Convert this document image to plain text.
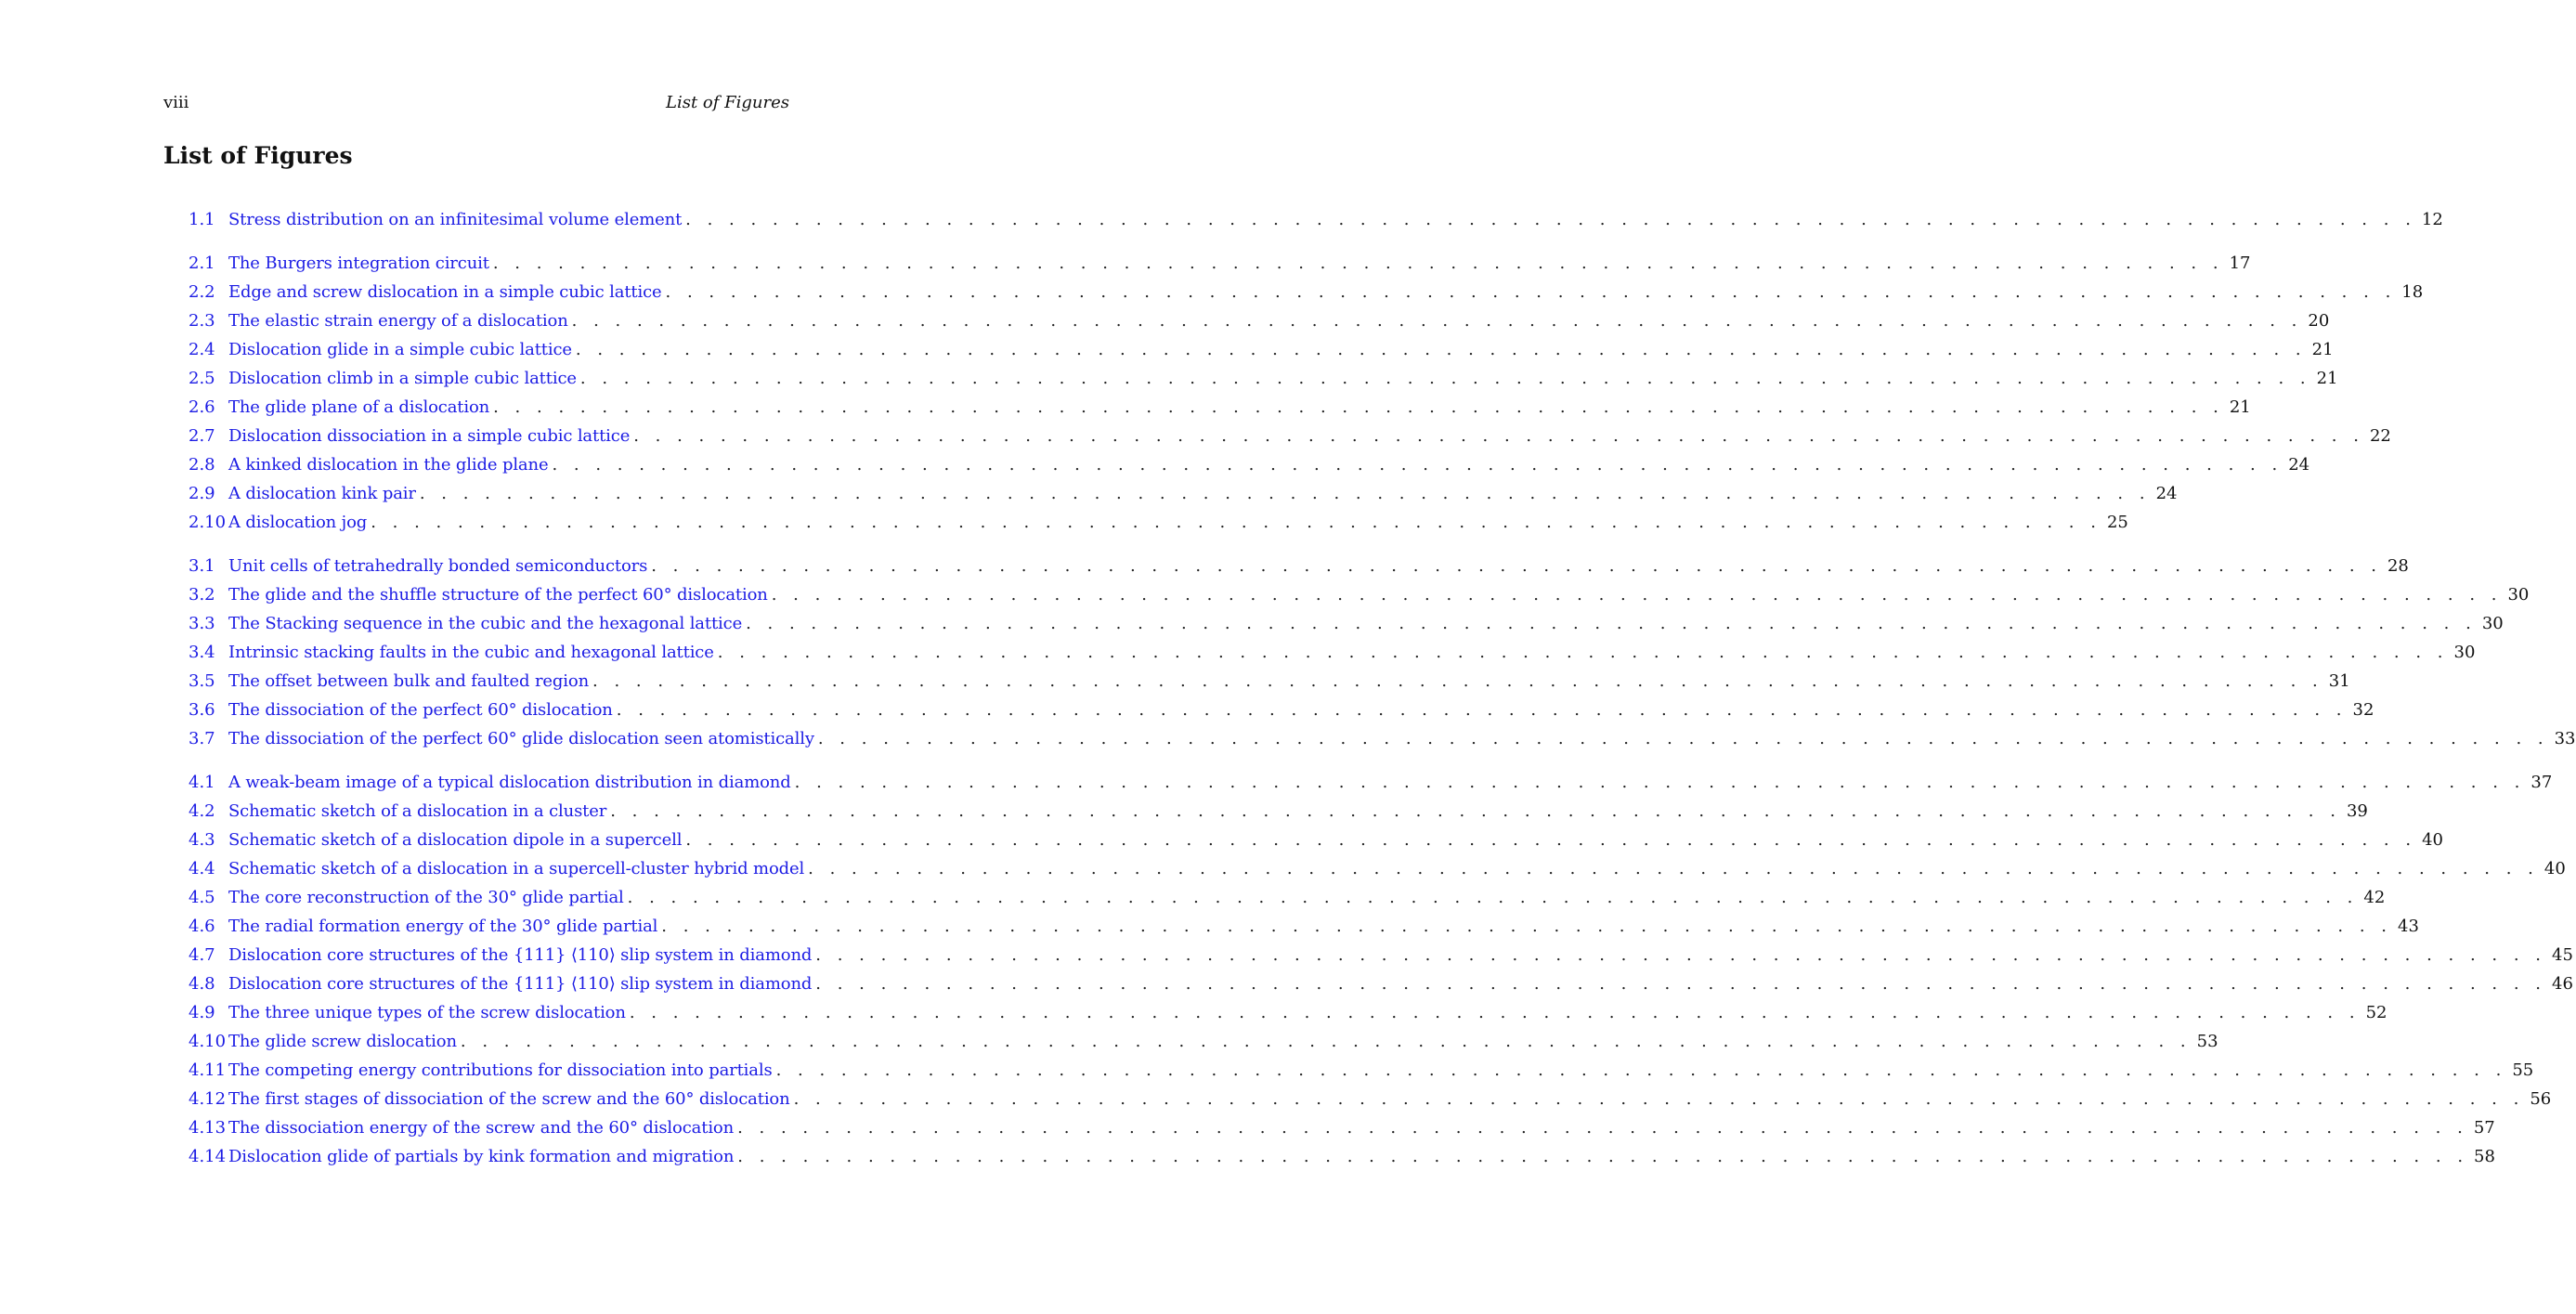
viii	List of Figures
List of Figures
1.1 Stress distribution on an infinitesimal volume element . . . . . . . . . . . . . . . . . . . . . . . . . . . . . . . . . . . . . . . . . . . . . . . . . . . . . . . . . . . . . . . . . . . . . . . . . . . . . . . . 12
2.1 The Burgers integration circuit . . . . . . . . . . . . . . . . . . . . . . . . . . . . . . . . . . . . . . . . . . . . . . . . . . . . . . . . . . . . . . . . . . . . . . . . . . . . . . . . 17
2.2 Edge and screw dislocation in a simple cubic lattice . . . . . . . . . . . . . . . . . . . . . . . . . . . . . . . . . . . . . . . . . . . . . . . . . . . . . . . . . . . . . . . . . . . . . . . . . . . . . . . . 18
2.3 The elastic strain energy of a dislocation . . . . . . . . . . . . . . . . . . . . . . . . . . . . . . . . . . . . . . . . . . . . . . . . . . . . . . . . . . . . . . . . . . . . . . . . . . . . . . . . 20
2.4 Dislocation glide in a simple cubic lattice . . . . . . . . . . . . . . . . . . . . . . . . . . . . . . . . . . . . . . . . . . . . . . . . . . . . . . . . . . . . . . . . . . . . . . . . . . . . . . . . 21
2.5 Dislocation climb in a simple cubic lattice . . . . . . . . . . . . . . . . . . . . . . . . . . . . . . . . . . . . . . . . . . . . . . . . . . . . . . . . . . . . . . . . . . . . . . . . . . . . . . . . 21
2.6 The glide plane of a dislocation . . . . . . . . . . . . . . . . . . . . . . . . . . . . . . . . . . . . . . . . . . . . . . . . . . . . . . . . . . . . . . . . . . . . . . . . . . . . . . . . 21
2.7 Dislocation dissociation in a simple cubic lattice . . . . . . . . . . . . . . . . . . . . . . . . . . . . . . . . . . . . . . . . . . . . . . . . . . . . . . . . . . . . . . . . . . . . . . . . . . . . . . . . 22
2.8 A kinked dislocation in the glide plane . . . . . . . . . . . . . . . . . . . . . . . . . . . . . . . . . . . . . . . . . . . . . . . . . . . . . . . . . . . . . . . . . . . . . . . . . . . . . . . . 24
2.9 A dislocation kink pair . . . . . . . . . . . . . . . . . . . . . . . . . . . . . . . . . . . . . . . . . . . . . . . . . . . . . . . . . . . . . . . . . . . . . . . . . . . . . . . . 24
2.10 A dislocation jog . . . . . . . . . . . . . . . . . . . . . . . . . . . . . . . . . . . . . . . . . . . . . . . . . . . . . . . . . . . . . . . . . . . . . . . . . . . . . . . . 25
3.1 Unit cells of tetrahedrally bonded semiconductors . . . . . . . . . . . . . . . . . . . . . . . . . . . . . . . . . . . . . . . . . . . . . . . . . . . . . . . . . . . . . . . . . . . . . . . . . . . . . . . . 28
3.2 The glide and the shuffle structure of the perfect 60° dislocation . . . . . . . . . . . . . . . . . . . . . . . . . . . . . . . . . . . . . . . . . . . . . . . . . . . . . . . . . . . . . . . . . . . . . . . . . . . . . . . . 30
3.3 The Stacking sequence in the cubic and the hexagonal lattice . . . . . . . . . . . . . . . . . . . . . . . . . . . . . . . . . . . . . . . . . . . . . . . . . . . . . . . . . . . . . . . . . . . . . . . . . . . . . . . . 30
3.4 Intrinsic stacking faults in the cubic and hexagonal lattice . . . . . . . . . . . . . . . . . . . . . . . . . . . . . . . . . . . . . . . . . . . . . . . . . . . . . . . . . . . . . . . . . . . . . . . . . . . . . . . . 30
3.5 The offset between bulk and faulted region . . . . . . . . . . . . . . . . . . . . . . . . . . . . . . . . . . . . . . . . . . . . . . . . . . . . . . . . . . . . . . . . . . . . . . . . . . . . . . . . 31
3.6 The dissociation of the perfect 60° dislocation . . . . . . . . . . . . . . . . . . . . . . . . . . . . . . . . . . . . . . . . . . . . . . . . . . . . . . . . . . . . . . . . . . . . . . . . . . . . . . . . 32
3.7 The dissociation of the perfect 60° glide dislocation seen atomistically . . . . . . . . . . . . . . . . . . . . . . . . . . . . . . . . . . . . . . . . . . . . . . . . . . . . . . . . . . . . . . . . . . . . . . . . . . . . . . . . 33
4.1 A weak-beam image of a typical dislocation distribution in diamond . . . . . . . . . . . . . . . . . . . . . . . . . . . . . . . . . . . . . . . . . . . . . . . . . . . . . . . . . . . . . . . . . . . . . . . . . . . . . . . . 37
4.2 Schematic sketch of a dislocation in a cluster . . . . . . . . . . . . . . . . . . . . . . . . . . . . . . . . . . . . . . . . . . . . . . . . . . . . . . . . . . . . . . . . . . . . . . . . . . . . . . . . 39
4.3 Schematic sketch of a dislocation dipole in a supercell . . . . . . . . . . . . . . . . . . . . . . . . . . . . . . . . . . . . . . . . . . . . . . . . . . . . . . . . . . . . . . . . . . . . . . . . . . . . . . . . 40
4.4 Schematic sketch of a dislocation in a supercell-cluster hybrid model . . . . . . . . . . . . . . . . . . . . . . . . . . . . . . . . . . . . . . . . . . . . . . . . . . . . . . . . . . . . . . . . . . . . . . . . . . . . . . . . 40
4.5 The core reconstruction of the 30° glide partial . . . . . . . . . . . . . . . . . . . . . . . . . . . . . . . . . . . . . . . . . . . . . . . . . . . . . . . . . . . . . . . . . . . . . . . . . . . . . . . . 42
4.6 The radial formation energy of the 30° glide partial . . . . . . . . . . . . . . . . . . . . . . . . . . . . . . . . . . . . . . . . . . . . . . . . . . . . . . . . . . . . . . . . . . . . . . . . . . . . . . . . 43
4.7 Dislocation core structures of the {111} ⟨110⟩ slip system in diamond . . . . . . . . . . . . . . . . . . . . . . . . . . . . . . . . . . . . . . . . . . . . . . . . . . . . . . . . . . . . . . . . . . . . . . . . . . . . . . . . 45
4.8 Dislocation core structures of the {111} ⟨110⟩ slip system in diamond . . . . . . . . . . . . . . . . . . . . . . . . . . . . . . . . . . . . . . . . . . . . . . . . . . . . . . . . . . . . . . . . . . . . . . . . . . . . . . . . 46
4.9 The three unique types of the screw dislocation . . . . . . . . . . . . . . . . . . . . . . . . . . . . . . . . . . . . . . . . . . . . . . . . . . . . . . . . . . . . . . . . . . . . . . . . . . . . . . . . 52
4.10 The glide screw dislocation . . . . . . . . . . . . . . . . . . . . . . . . . . . . . . . . . . . . . . . . . . . . . . . . . . . . . . . . . . . . . . . . . . . . . . . . . . . . . . . . 53
4.11 The competing energy contributions for dissociation into partials . . . . . . . . . . . . . . . . . . . . . . . . . . . . . . . . . . . . . . . . . . . . . . . . . . . . . . . . . . . . . . . . . . . . . . . . . . . . . . . . 55
4.12 The first stages of dissociation of the screw and the 60° dislocation . . . . . . . . . . . . . . . . . . . . . . . . . . . . . . . . . . . . . . . . . . . . . . . . . . . . . . . . . . . . . . . . . . . . . . . . . . . . . . . . 56
4.13 The dissociation energy of the screw and the 60° dislocation . . . . . . . . . . . . . . . . . . . . . . . . . . . . . . . . . . . . . . . . . . . . . . . . . . . . . . . . . . . . . . . . . . . . . . . . . . . . . . . . 57
4.14 Dislocation glide of partials by kink formation and migration . . . . . . . . . . . . . . . . . . . . . . . . . . . . . . . . . . . . . . . . . . . . . . . . . . . . . . . . . . . . . . . . . . . . . . . . . . . . . . . . 58
